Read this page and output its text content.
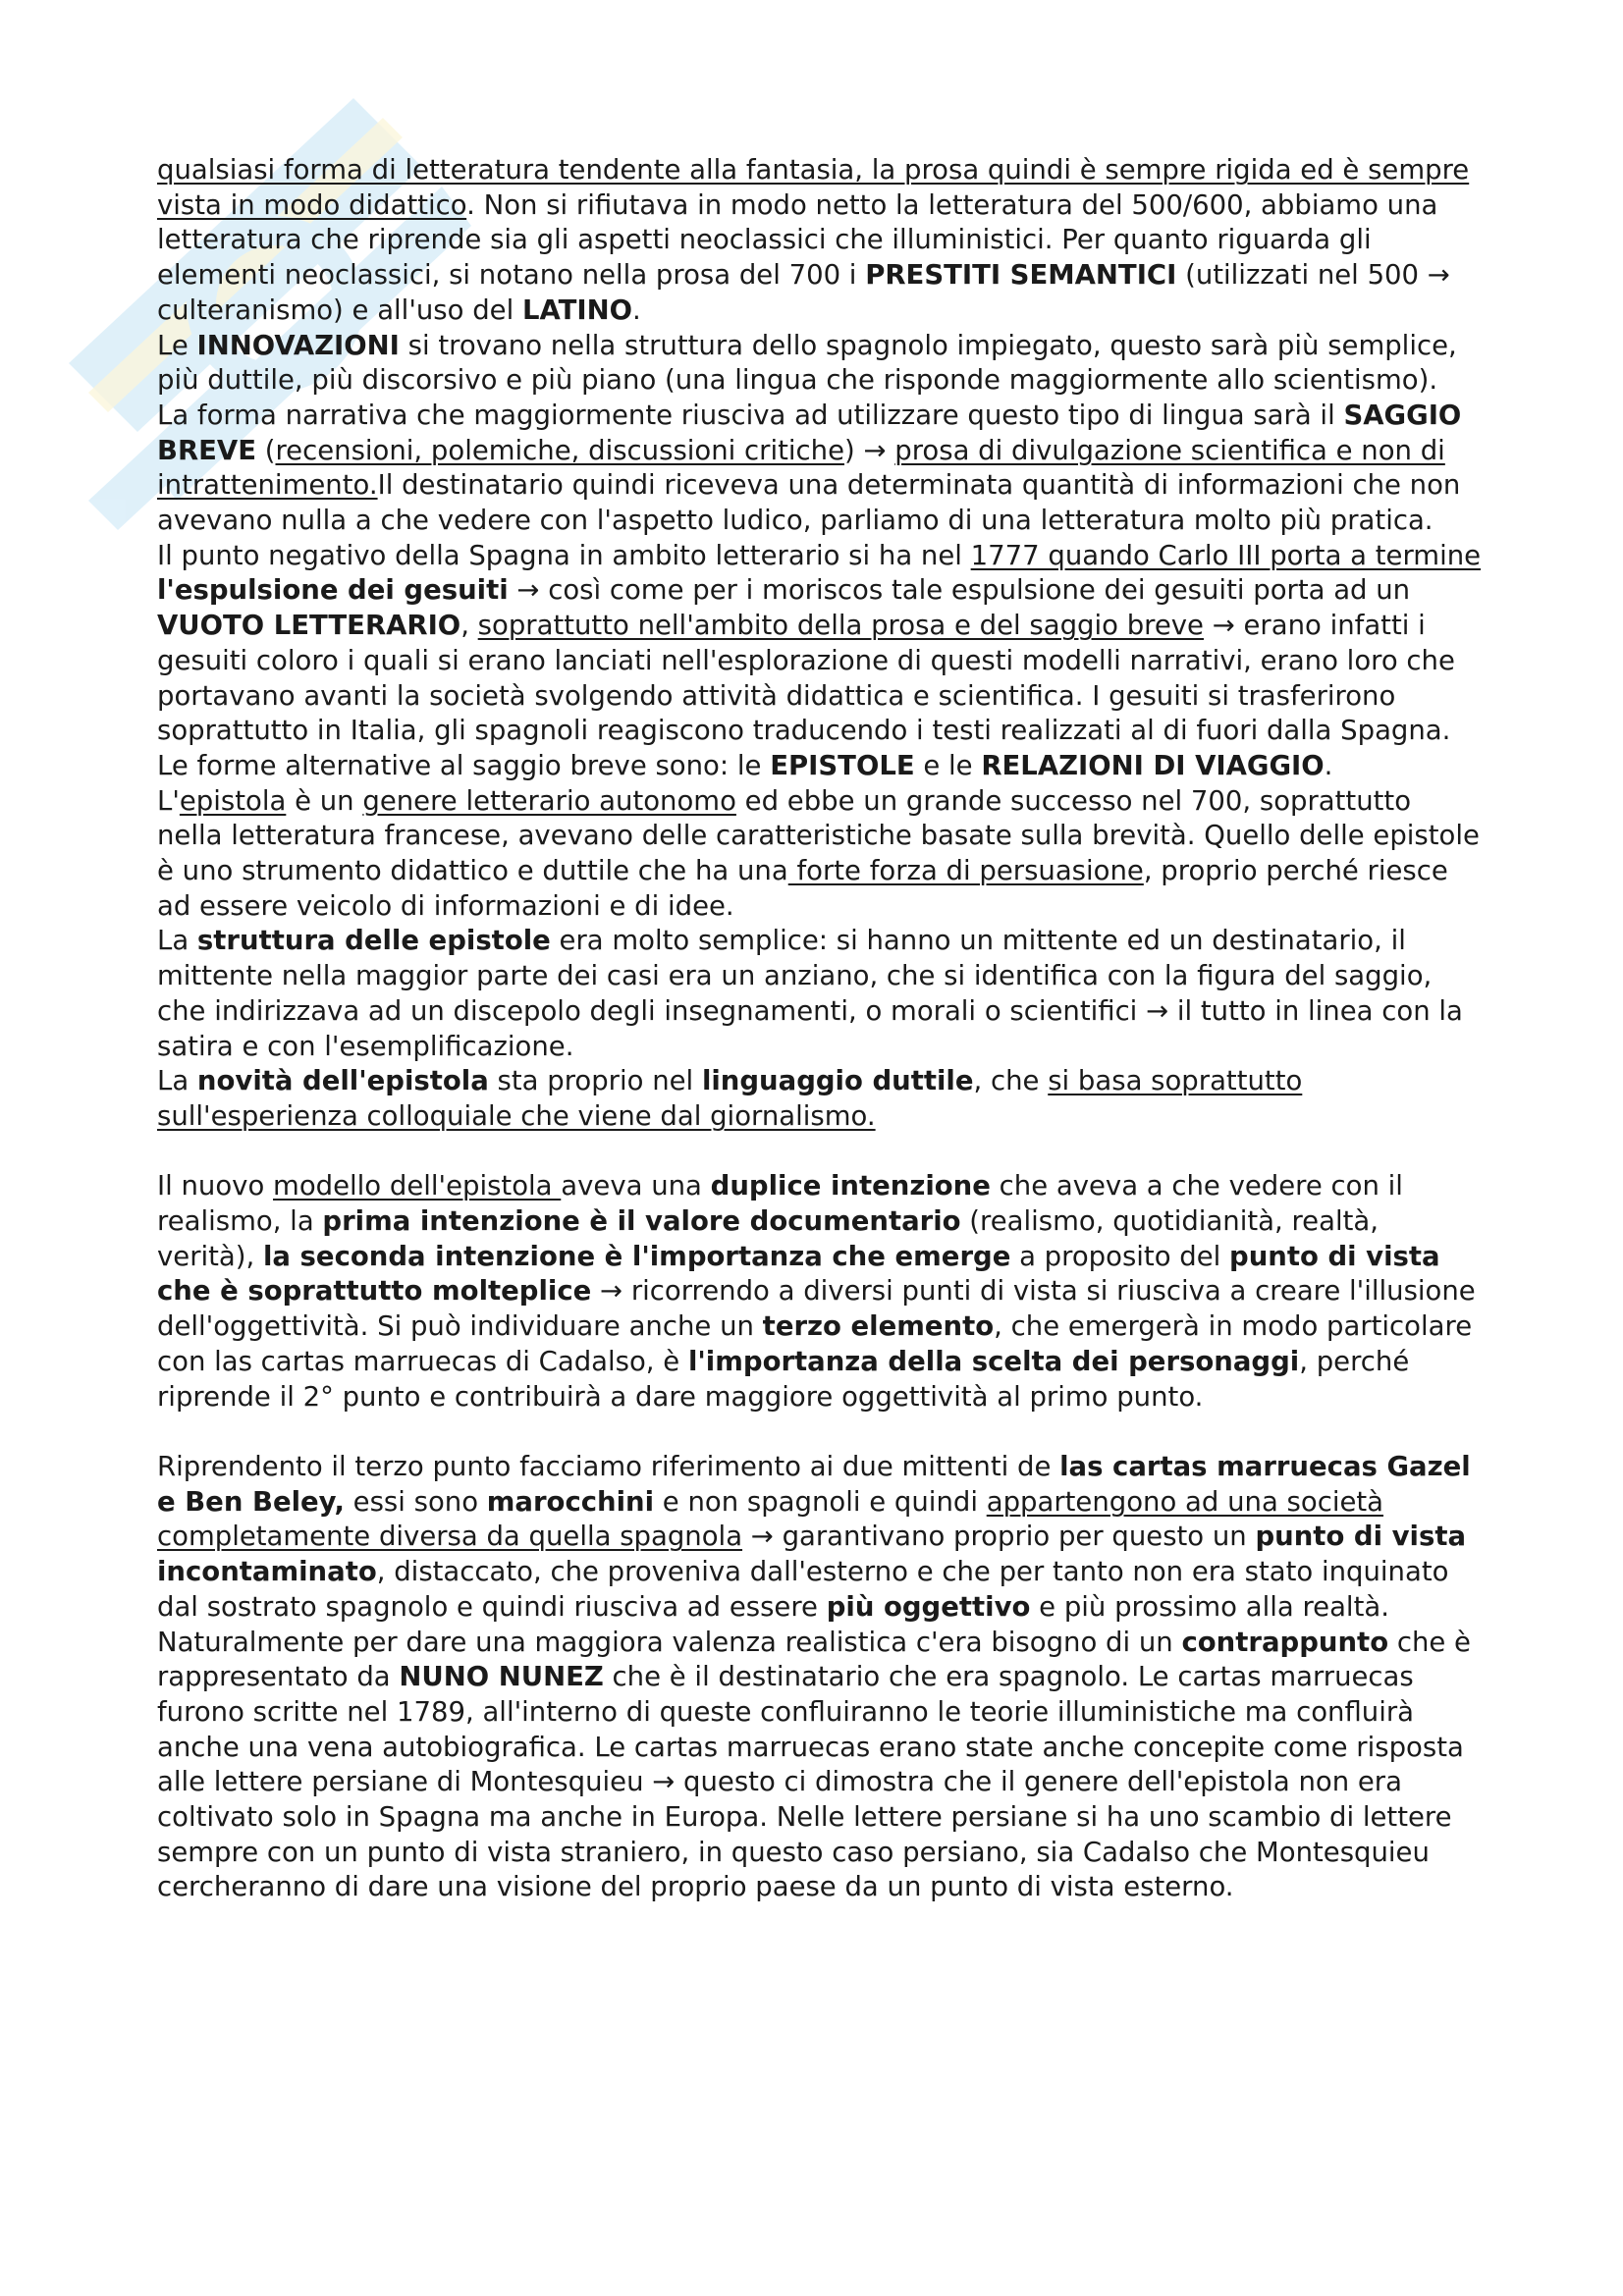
qualsiasi forma di letteratura tendente alla fantasia, la prosa quindi è sempre rigida ed è sempre vista in modo didattico. Non si rifiutava in modo netto la letteratura del 500/600, abbiamo una letteratura che riprende sia gli aspetti neoclassici che illuministici. Per quanto riguarda gli elementi neoclassici, si notano nella prosa del 700 i PRESTITI SEMANTICI (utilizzati nel 500 → culteranismo) e all'uso del LATINO.

Le INNOVAZIONI si trovano nella struttura dello spagnolo impiegato, questo sarà più semplice, più duttile, più discorsivo e più piano (una lingua che risponde maggiormente allo scientismo).

La forma narrativa che maggiormente riusciva ad utilizzare questo tipo di lingua sarà il SAGGIO BREVE (recensioni, polemiche, discussioni critiche) → prosa di divulgazione scientifica e non di intrattenimento.Il destinatario quindi riceveva una determinata quantità di informazioni che non avevano nulla a che vedere con l'aspetto ludico, parliamo di una letteratura molto più pratica.

Il punto negativo della Spagna in ambito letterario si ha nel 1777 quando Carlo III porta a termine l'espulsione dei gesuiti → così come per i moriscos tale espulsione dei gesuiti porta ad un VUOTO LETTERARIO, soprattutto nell'ambito della prosa e del saggio breve → erano infatti i gesuiti coloro i quali si erano lanciati nell'esplorazione di questi modelli narrativi, erano loro che portavano avanti la società svolgendo attività didattica e scientifica. I gesuiti si trasferirono soprattutto in Italia, gli spagnoli reagiscono traducendo i testi realizzati al di fuori dalla Spagna.

Le forme alternative al saggio breve sono: le EPISTOLE e le RELAZIONI DI VIAGGIO.

L'epistola è un genere letterario autonomo ed ebbe un grande successo nel 700, soprattutto nella letteratura francese, avevano delle caratteristiche basate sulla brevità. Quello delle epistole è uno strumento didattico e duttile che ha una forte forza di persuasione, proprio perché riesce ad essere veicolo di informazioni e di idee.

La struttura delle epistole era molto semplice: si hanno un mittente ed un destinatario, il mittente nella maggior parte dei casi era un anziano, che si identifica con la figura del saggio, che indirizzava ad un discepolo degli insegnamenti, o morali o scientifici → il tutto in linea con la satira e con l'esemplificazione.

La novità dell'epistola sta proprio nel linguaggio duttile, che si basa soprattutto sull'esperienza colloquiale che viene dal giornalismo.

Il nuovo modello dell'epistola aveva una duplice intenzione che aveva a che vedere con il realismo, la prima intenzione è il valore documentario (realismo, quotidianità, realtà, verità), la seconda intenzione è l'importanza che emerge a proposito del punto di vista che è soprattutto molteplice → ricorrendo a diversi punti di vista si riusciva a creare l'illusione dell'oggettività. Si può individuare anche un terzo elemento, che emergerà in modo particolare con las cartas marruecas di Cadalso, è l'importanza della scelta dei personaggi, perché riprende il 2° punto e contribuirà a dare maggiore oggettività al primo punto.

Riprendento il terzo punto facciamo riferimento ai due mittenti de las cartas marruecas Gazel e Ben Beley, essi sono marocchini e non spagnoli e quindi appartengono ad una società completamente diversa da quella spagnola → garantivano proprio per questo un punto di vista incontaminato, distaccato, che proveniva dall'esterno e che per tanto non era stato inquinato dal sostrato spagnolo e quindi riusciva ad essere più oggettivo e più prossimo alla realtà. Naturalmente per dare una maggiora valenza realistica c'era bisogno di un contrappunto che è rappresentato da NUNO NUNEZ che è il destinatario che era spagnolo. Le cartas marruecas furono scritte nel 1789, all'interno di queste confluiranno le teorie illuministiche ma confluirà anche una vena autobiografica. Le cartas marruecas erano state anche concepite come risposta alle lettere persiane di Montesquieu → questo ci dimostra che il genere dell'epistola non era coltivato solo in Spagna ma anche in Europa. Nelle lettere persiane si ha uno scambio di lettere sempre con un punto di vista straniero, in questo caso persiano, sia Cadalso che Montesquieu cercheranno di dare una visione del proprio paese da un punto di vista esterno.
